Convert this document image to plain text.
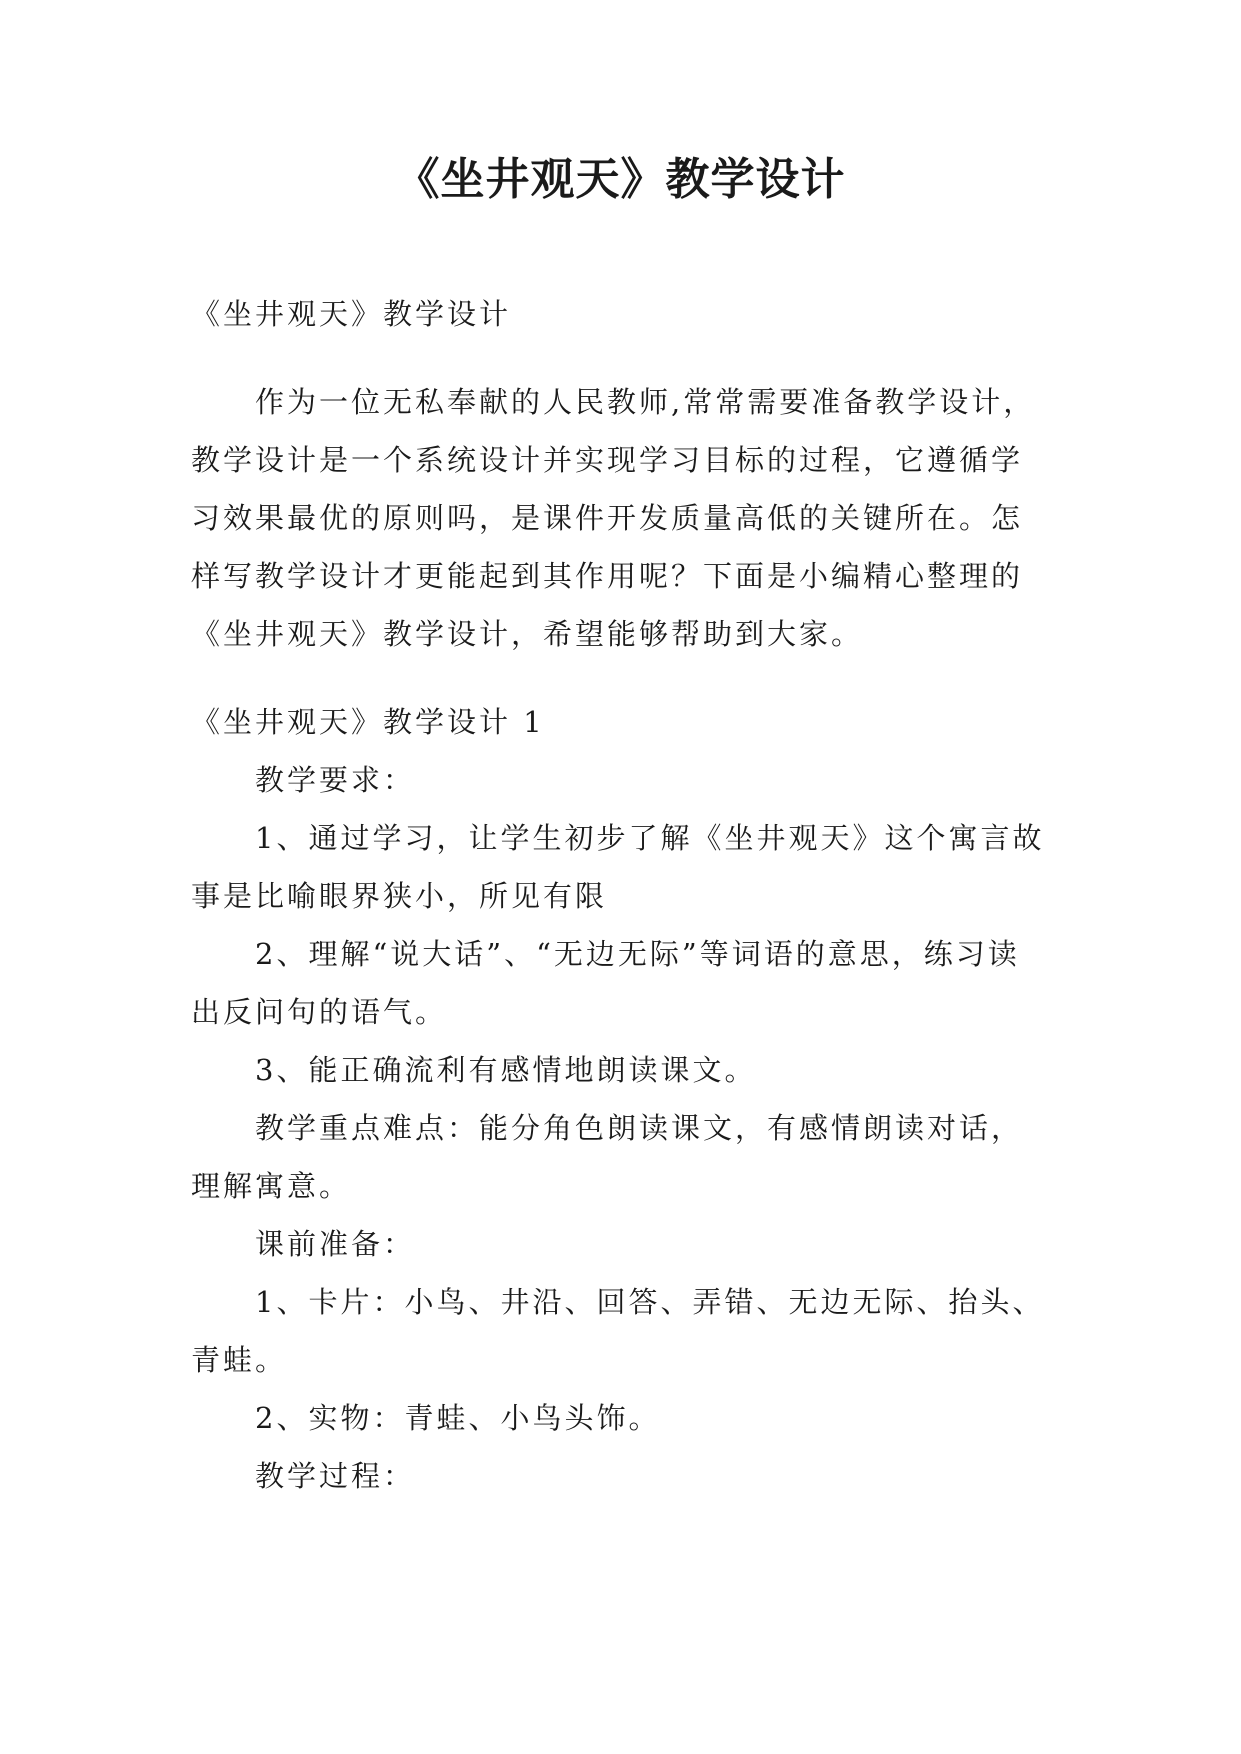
《坐井观天》教学设计

《坐井观天》教学设计

作为一位无私奉献的人民教师,常常需要准备教学设计，教学设计是一个系统设计并实现学习目标的过程，它遵循学习效果最优的原则吗，是课件开发质量高低的关键所在。怎样写教学设计才更能起到其作用呢？下面是小编精心整理的《坐井观天》教学设计，希望能够帮助到大家。

《坐井观天》教学设计 1

教学要求：

1、通过学习，让学生初步了解《坐井观天》这个寓言故事是比喻眼界狭小，所见有限

2、理解“说大话”、“无边无际”等词语的意思，练习读出反问句的语气。

3、能正确流利有感情地朗读课文。

教学重点难点：能分角色朗读课文，有感情朗读对话，理解寓意。

课前准备：

1、卡片：小鸟、井沿、回答、弄错、无边无际、抬头、青蛙。

2、实物：青蛙、小鸟头饰。

教学过程：
